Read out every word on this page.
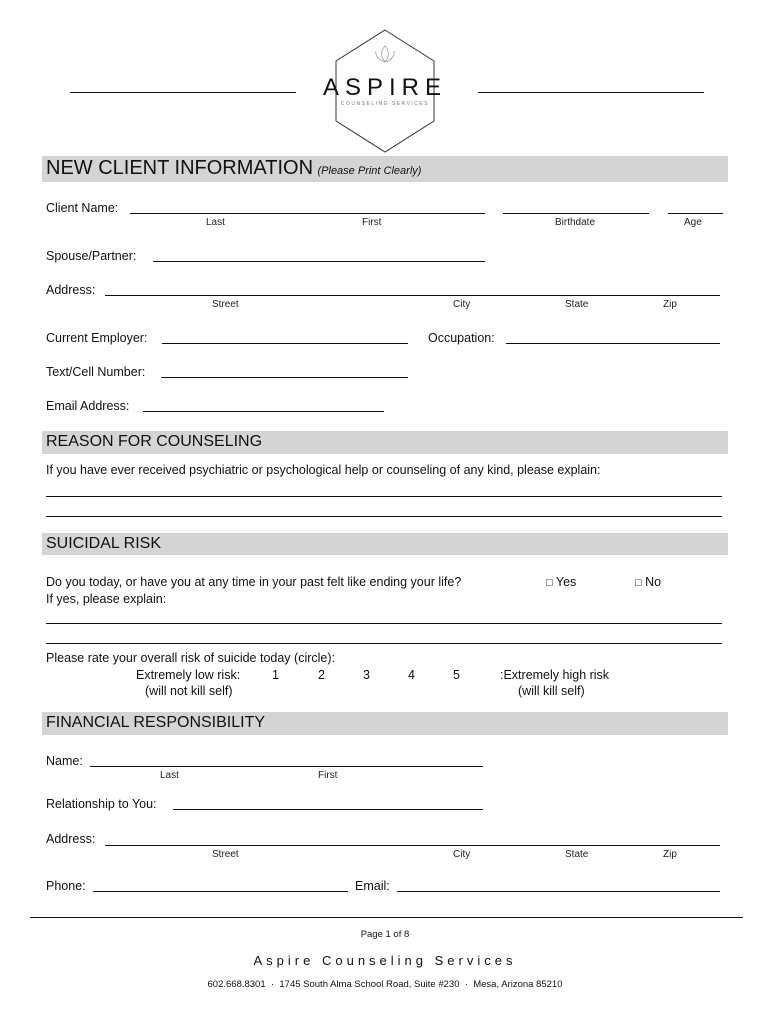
ASPIRE
COUNSELING SERVICES
NEW CLIENT INFORMATION (Please Print Clearly)
Client Name:
Last	First	Birthdate	Age
Spouse/Partner:
Address:
Street	City	State	Zip
Current Employer:	Occupation:
Text/Cell Number:
Email Address:
REASON FOR COUNSELING
If you have ever received psychiatric or psychological help or counseling of any kind, please explain:
SUICIDAL RISK
Do you today, or have you at any time in your past felt like ending your life?	□ Yes	□ No
If yes, please explain:
Please rate your overall risk of suicide today (circle):
Extremely low risk:	1	2	3	4	5	:Extremely high risk
(will not kill self)	(will kill self)
FINANCIAL RESPONSIBILITY
Name:
Last	First
Relationship to You:
Address:
Street	City	State	Zip
Phone:	Email:
Page 1 of 8
Aspire Counseling Services
602.668.8301  ·  1745 South Alma School Road, Suite #230  ·  Mesa, Arizona 85210
